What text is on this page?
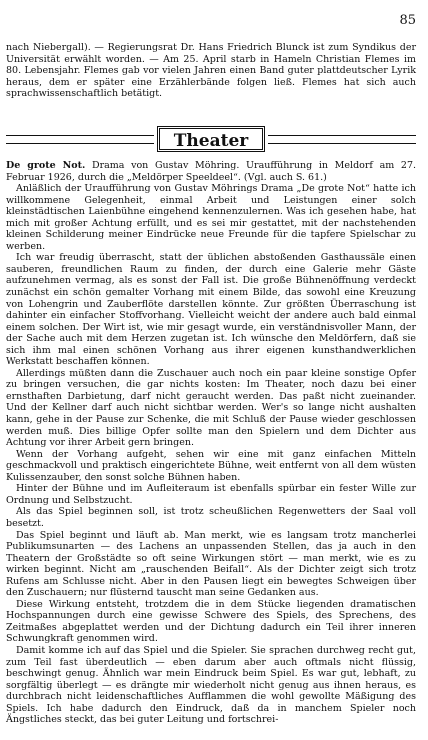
85

nach Niebergall). — Regierungsrat Dr. Hans Friedrich Blunck ist zum Syndikus der Universität erwählt worden. — Am 25. April starb in Hameln Christian Flemes im 80. Lebensjahr. Flemes gab vor vielen Jahren einen Band guter plattdeutscher Lyrik heraus, dem er später eine Erzählerbände folgen ließ. Flemes hat sich auch sprachwissenschaftlich betätigt.

Theater

De grote Not. Drama von Gustav Möhring. Uraufführung in Meldorf am 27. Februar 1926, durch die „Meldörper Speeldeel“. (Vgl. auch S. 61.)

Anläßlich der Uraufführung von Gustav Möhrings Drama „De grote Not“ hatte ich willkommene Gelegenheit, einmal Arbeit und Leistungen einer solch kleinstädtischen Laienbühne eingehend kennenzulernen. Was ich gesehen habe, hat mich mit großer Achtung erfüllt, und es sei mir gestattet, mit der nachstehenden kleinen Schilderung meiner Eindrücke neue Freunde für die tapfere Spielschar zu werben.

Ich war freudig überrascht, statt der üblichen abstoßenden Gasthaussäle einen sauberen, freundlichen Raum zu finden, der durch eine Galerie mehr Gäste aufzunehmen vermag, als es sonst der Fall ist. Die große Bühnenöffnung verdeckt zunächst ein schön gemalter Vorhang mit einem Bilde, das sowohl eine Kreuzung von Lohengrin und Zauberflöte darstellen könnte. Zur größten Überraschung ist dahinter ein einfacher Stoffvorhang. Vielleicht weicht der andere auch bald einmal einem solchen. Der Wirt ist, wie mir gesagt wurde, ein verständnisvoller Mann, der der Sache auch mit dem Herzen zugetan ist. Ich wünsche den Meldörfern, daß sie sich ihm mal einen schönen Vorhang aus ihrer eigenen kunsthandwerklichen Werkstatt beschaffen können.

Allerdings müßten dann die Zuschauer auch noch ein paar kleine sonstige Opfer zu bringen versuchen, die gar nichts kosten: Im Theater, noch dazu bei einer ernsthaften Darbietung, darf nicht geraucht werden. Das paßt nicht zueinander. Und der Kellner darf auch nicht sichtbar werden. Wer's so lange nicht aushalten kann, gehe in der Pause zur Schenke, die mit Schluß der Pause wieder geschlossen werden muß. Dies billige Opfer sollte man den Spielern und dem Dichter aus Achtung vor ihrer Arbeit gern bringen.

Wenn der Vorhang aufgeht, sehen wir eine mit ganz einfachen Mitteln geschmackvoll und praktisch eingerichtete Bühne, weit entfernt von all dem wüsten Kulissenzauber, den sonst solche Bühnen haben.

Hinter der Bühne und im Aufleiteraum ist ebenfalls spürbar ein fester Wille zur Ordnung und Selbstzucht.

Als das Spiel beginnen soll, ist trotz scheußlichen Regenwetters der Saal voll besetzt.

Das Spiel beginnt und läuft ab. Man merkt, wie es langsam trotz mancherlei Publikumsunarten — des Lachens an unpassenden Stellen, das ja auch in den Theatern der Großstädte so oft seine Wirkungen stört — man merkt, wie es zu wirken beginnt. Nicht am „rauschenden Beifall“. Als der Dichter zeigt sich trotz Rufens am Schlusse nicht. Aber in den Pausen liegt ein bewegtes Schweigen über den Zuschauern; nur flüsternd tauscht man seine Gedanken aus.

Diese Wirkung entsteht, trotzdem die in dem Stücke liegenden dramatischen Hochspannungen durch eine gewisse Schwere des Spiels, des Sprechens, des Zeitmaßes abgeplattet werden und der Dichtung dadurch ein Teil ihrer inneren Schwungkraft genommen wird.

Damit komme ich auf das Spiel und die Spieler. Sie sprachen durchweg recht gut, zum Teil fast überdeutlich — eben darum aber auch oftmals nicht flüssig, beschwingt genug. Ähnlich war mein Eindruck beim Spiel. Es war gut, lebhaft, zu sorgfältig überlegt — es drängte mir wiederholt nicht genug aus ihnen heraus, es durchbrach nicht leidenschaftliches Aufflammen die wohl gewollte Mäßigung des Spiels. Ich habe dadurch den Eindruck, daß da in manchem Spieler noch Ängstliches steckt, das bei guter Leitung und fortschrei-
